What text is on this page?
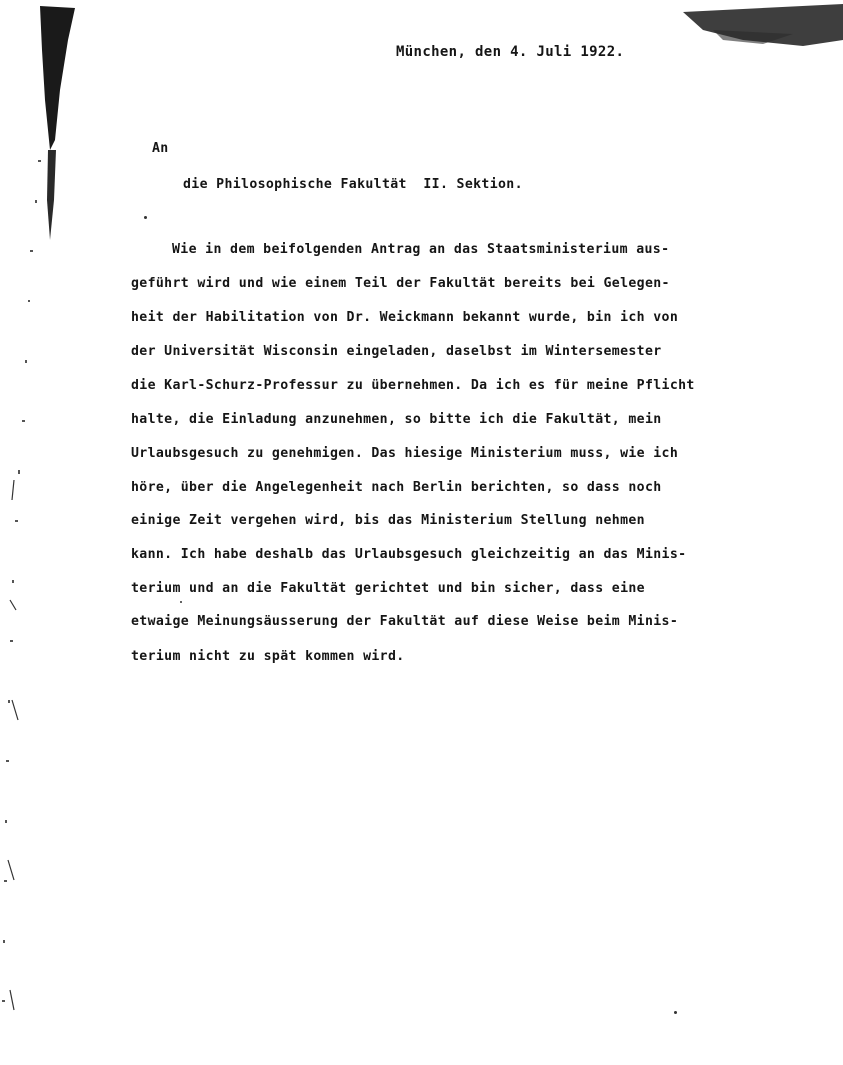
München, den 4. Juli 1922.
An
die Philosophische Fakultät  II. Sektion.
Wie in dem beifolgenden Antrag an das Staatsministerium aus-
geführt wird und wie einem Teil der Fakultät bereits bei Gelegen-
heit der Habilitation von Dr. Weickmann bekannt wurde, bin ich von
der Universität Wisconsin eingeladen, daselbst im Wintersemester
die Karl-Schurz-Professur zu übernehmen. Da ich es für meine Pflicht
halte, die Einladung anzunehmen, so bitte ich die Fakultät, mein
Urlaubsgesuch zu genehmigen. Das hiesige Ministerium muss, wie ich
höre, über die Angelegenheit nach Berlin berichten, so dass noch
einige Zeit vergehen wird, bis das Ministerium Stellung nehmen
kann. Ich habe deshalb das Urlaubsgesuch gleichzeitig an das Minis-
terium und an die Fakultät gerichtet und bin sicher, dass eine
etwaige Meinungsäusserung der Fakultät auf diese Weise beim Minis-
terium nicht zu spät kommen wird.
